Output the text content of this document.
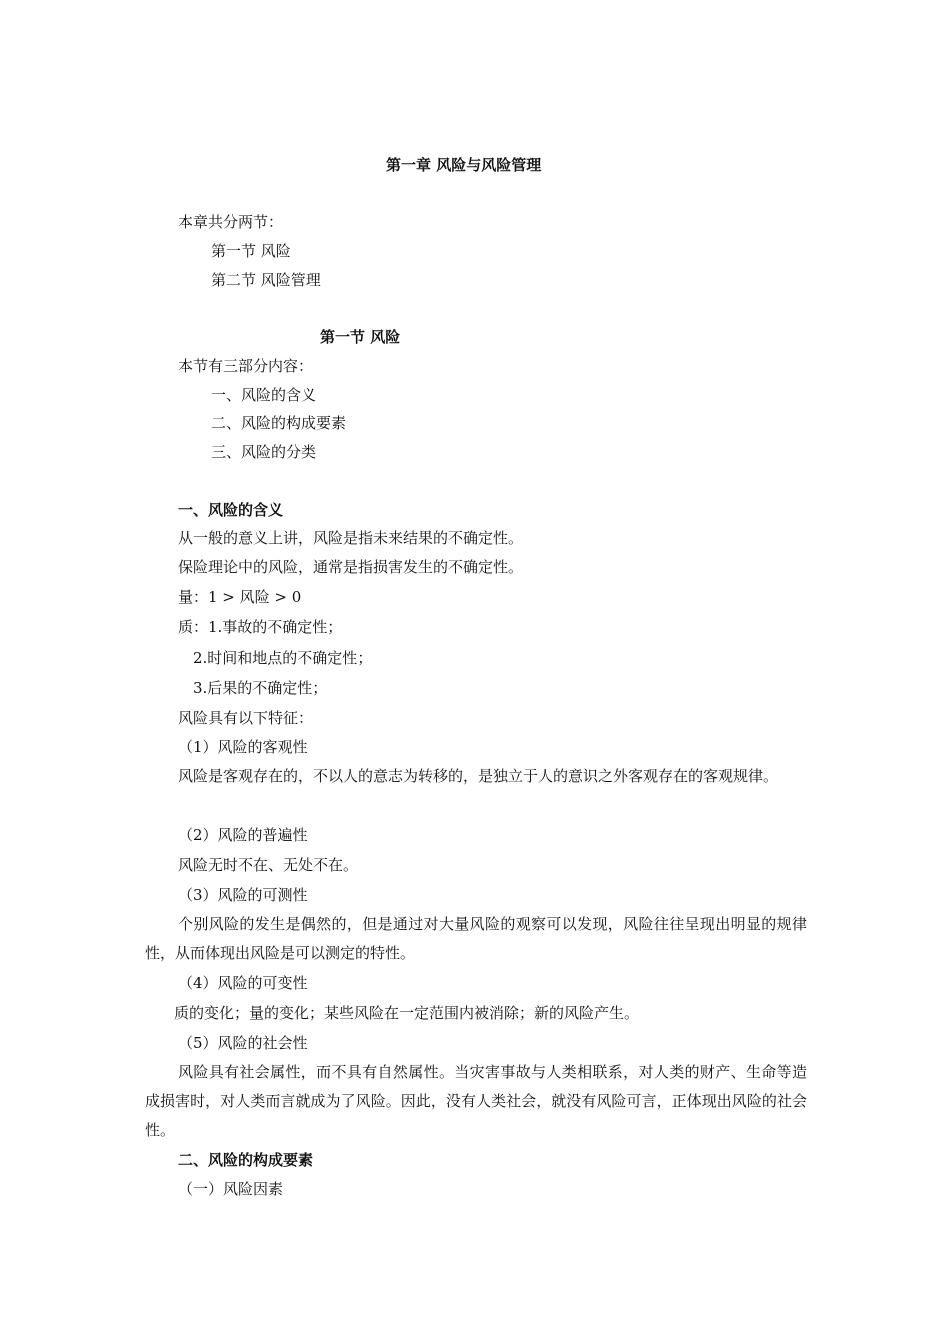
第一章 风险与风险管理
本章共分两节：
第一节 风险
第二节 风险管理
第一节 风险
本节有三部分内容：
一、风险的含义
二、风险的构成要素
三、风险的分类
一、风险的含义
从一般的意义上讲，风险是指未来结果的不确定性。
保险理论中的风险，通常是指损害发生的不确定性。
量：1 > 风险 > 0
质：1.事故的不确定性；
2.时间和地点的不确定性；
3.后果的不确定性；
风险具有以下特征：
（1）风险的客观性
风险是客观存在的，不以人的意志为转移的，是独立于人的意识之外客观存在的客观规律。
（2）风险的普遍性
风险无时不在、无处不在。
（3）风险的可测性
个别风险的发生是偶然的，但是通过对大量风险的观察可以发现，风险往往呈现出明显的规律性，从而体现出风险是可以测定的特性。
（4）风险的可变性
质的变化；量的变化；某些风险在一定范围内被消除；新的风险产生。
（5）风险的社会性
风险具有社会属性，而不具有自然属性。当灾害事故与人类相联系，对人类的财产、生命等造成损害时，对人类而言就成为了风险。因此，没有人类社会，就没有风险可言，正体现出风险的社会性。
二、风险的构成要素
（一）风险因素
